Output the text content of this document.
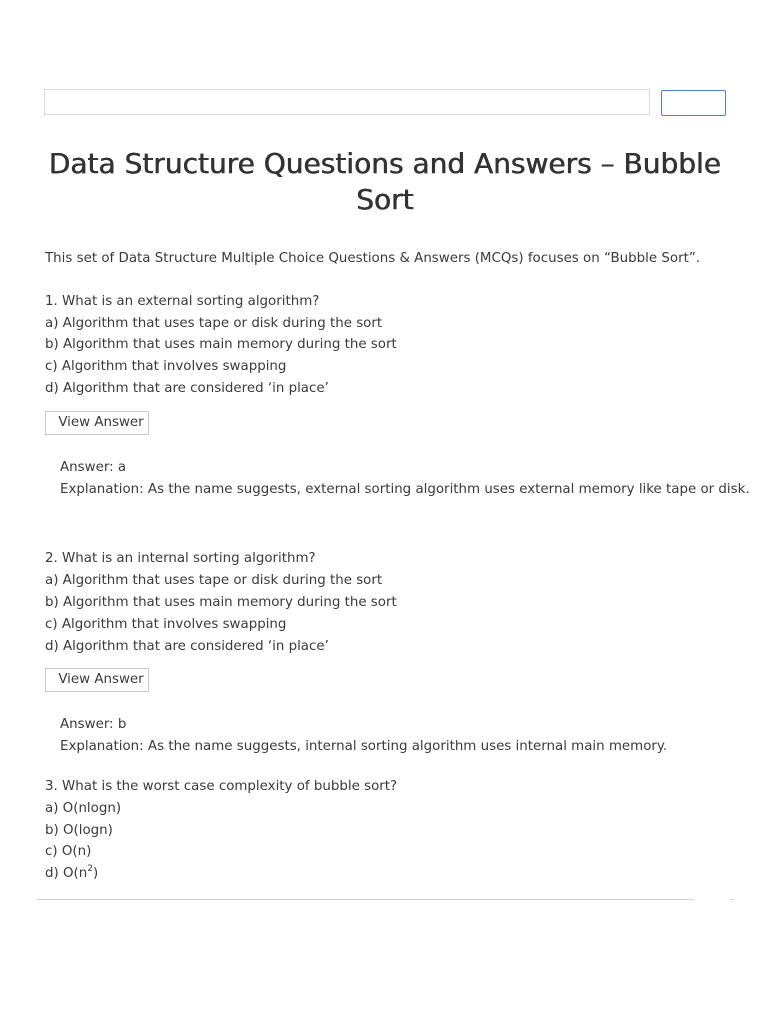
Data Structure Questions and Answers – Bubble Sort

This set of Data Structure Multiple Choice Questions & Answers (MCQs) focuses on “Bubble Sort”.

1. What is an external sorting algorithm?
a) Algorithm that uses tape or disk during the sort
b) Algorithm that uses main memory during the sort
c) Algorithm that involves swapping
d) Algorithm that are considered ‘in place’
View Answer
Answer: a
Explanation: As the name suggests, external sorting algorithm uses external memory like tape or disk.
2. What is an internal sorting algorithm?
a) Algorithm that uses tape or disk during the sort
b) Algorithm that uses main memory during the sort
c) Algorithm that involves swapping
d) Algorithm that are considered ‘in place’
View Answer
Answer: b
Explanation: As the name suggests, internal sorting algorithm uses internal main memory.
3. What is the worst case complexity of bubble sort?
a) O(nlogn)
b) O(logn)
c) O(n)
d) $O(n^2)$
